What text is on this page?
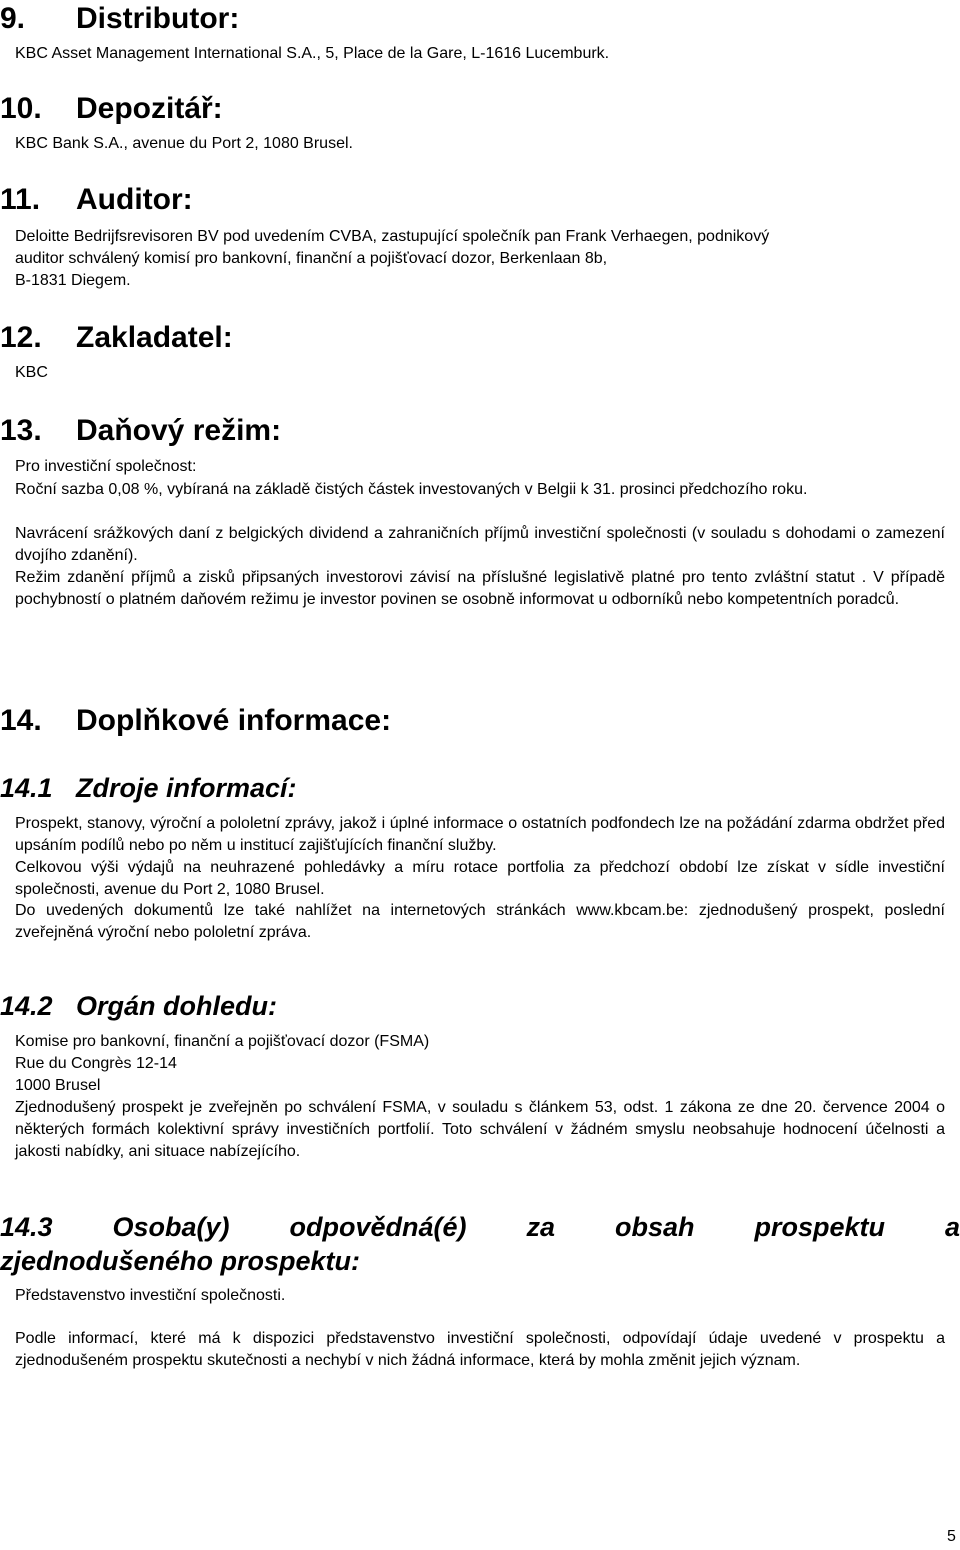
9. Distributor:
KBC Asset Management International S.A., 5, Place de la Gare, L-1616 Lucemburk.
10. Depozitář:
KBC Bank S.A., avenue du Port 2, 1080 Brusel.
11. Auditor:
Deloitte Bedrijfsrevisoren BV pod uvedením CVBA, zastupující společník pan Frank Verhaegen, podnikový
auditor schválený komisí pro bankovní, finanční a pojišťovací dozor, Berkenlaan 8b,
B-1831 Diegem.
12. Zakladatel:
KBC
13. Daňový režim:
Pro investiční společnost:
Roční sazba 0,08 %, vybíraná na základě čistých částek investovaných v Belgii k 31. prosinci předchozího roku.
Navrácení srážkových daní z belgických dividend a zahraničních příjmů investiční společnosti (v souladu s dohodami o zamezení dvojího zdanění).
Režim zdanění příjmů a zisků připsaných investorovi závisí na příslušné legislativě platné pro tento zvláštní statut . V případě pochybností o platném daňovém režimu je investor povinen se osobně informovat u odborníků nebo kompetentních poradců.
14. Doplňkové informace:
14.1 Zdroje informací:
Prospekt, stanovy, výroční a pololetní zprávy, jakož i úplné informace o ostatních podfondech lze na požádání zdarma obdržet před upsáním podílů nebo po něm u institucí zajišťujících finanční služby.
Celkovou výši výdajů na neuhrazené pohledávky a míru rotace portfolia za předchozí období lze získat v sídle investiční společnosti, avenue du Port 2, 1080 Brusel.
Do uvedených dokumentů lze také nahlížet na internetových stránkách www.kbcam.be: zjednodušený prospekt, poslední zveřejněná výroční nebo pololetní zpráva.
14.2 Orgán dohledu:
Komise pro bankovní, finanční a pojišťovací dozor (FSMA)
Rue du Congrès 12-14
1000 Brusel
Zjednodušený prospekt je zveřejněn po schválení FSMA, v souladu s článkem 53, odst. 1 zákona ze dne 20. července 2004 o některých formách kolektivní správy investičních portfolií. Toto schválení v žádném smyslu neobsahuje hodnocení účelnosti a jakosti nabídky, ani situace nabízejícího.
14.3 Osoba(y) odpovědná(é) za obsah prospektu a
zjednodušeného prospektu:
Představenstvo investiční společnosti.
Podle informací, které má k dispozici představenstvo investiční společnosti, odpovídají údaje uvedené v prospektu a zjednodušeném prospektu skutečnosti a nechybí v nich žádná informace, která by mohla změnit jejich význam.
5
